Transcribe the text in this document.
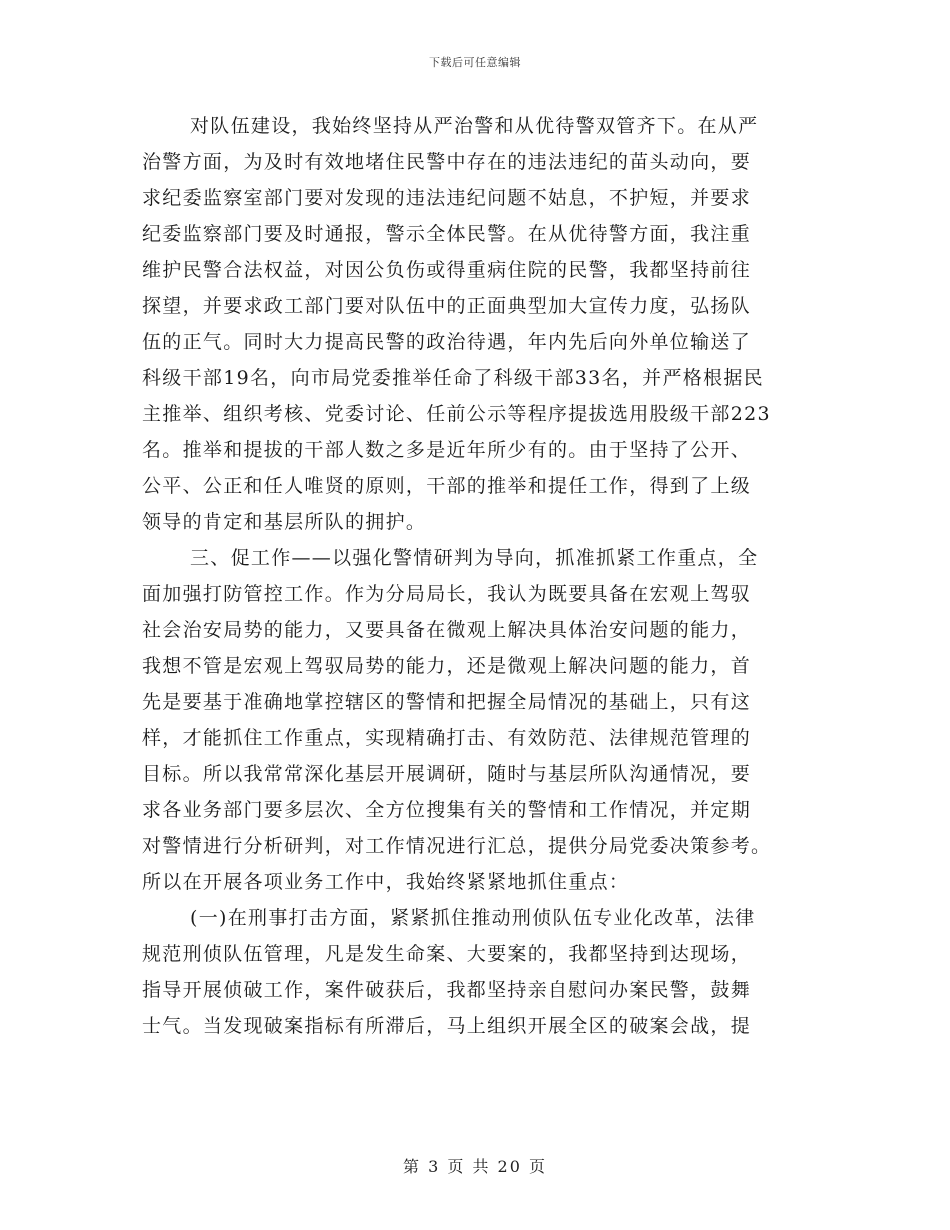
下载后可任意编辑
对队伍建设，我始终坚持从严治警和从优待警双管齐下。在从严
治警方面，为及时有效地堵住民警中存在的违法违纪的苗头动向，要
求纪委监察室部门要对发现的违法违纪问题不姑息，不护短，并要求
纪委监察部门要及时通报，警示全体民警。在从优待警方面，我注重
维护民警合法权益，对因公负伤或得重病住院的民警，我都坚持前往
探望，并要求政工部门要对队伍中的正面典型加大宣传力度，弘扬队
伍的正气。同时大力提高民警的政治待遇，年内先后向外单位输送了
科级干部19名，向市局党委推举任命了科级干部33名，并严格根据民
主推举、组织考核、党委讨论、任前公示等程序提拔选用股级干部223
名。推举和提拔的干部人数之多是近年所少有的。由于坚持了公开、
公平、公正和任人唯贤的原则，干部的推举和提任工作，得到了上级
领导的肯定和基层所队的拥护。
三、促工作——以强化警情研判为导向，抓准抓紧工作重点，全
面加强打防管控工作。作为分局局长，我认为既要具备在宏观上驾驭
社会治安局势的能力，又要具备在微观上解决具体治安问题的能力，
我想不管是宏观上驾驭局势的能力，还是微观上解决问题的能力，首
先是要基于准确地掌控辖区的警情和把握全局情况的基础上，只有这
样，才能抓住工作重点，实现精确打击、有效防范、法律规范管理的
目标。所以我常常深化基层开展调研，随时与基层所队沟通情况，要
求各业务部门要多层次、全方位搜集有关的警情和工作情况，并定期
对警情进行分析研判，对工作情况进行汇总，提供分局党委决策参考。
所以在开展各项业务工作中，我始终紧紧地抓住重点：
(一)在刑事打击方面，紧紧抓住推动刑侦队伍专业化改革，法律
规范刑侦队伍管理，凡是发生命案、大要案的，我都坚持到达现场，
指导开展侦破工作，案件破获后，我都坚持亲自慰问办案民警，鼓舞
士气。当发现破案指标有所滞后，马上组织开展全区的破案会战，提
第 3 页 共 20 页
